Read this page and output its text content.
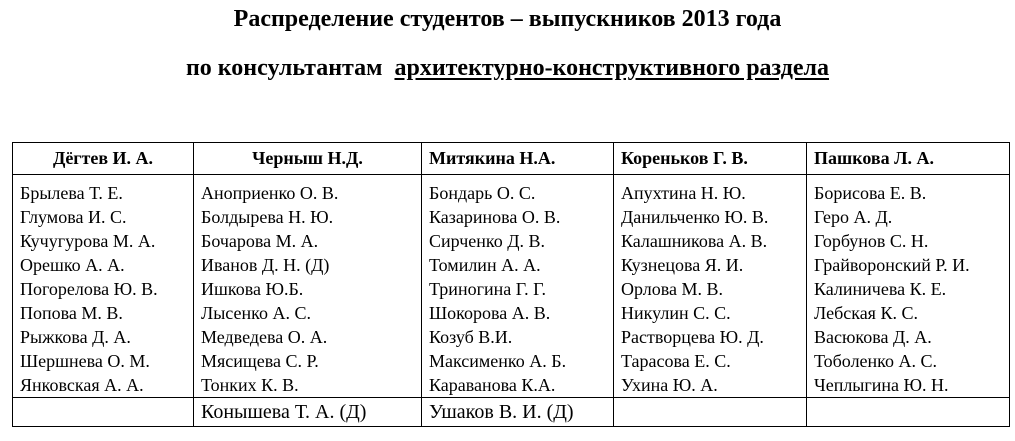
Распределение студентов – выпускников 2013 года
по консультантам архитектурно-конструктивного раздела
Дёгтев И. А.	Черныш Н.Д.	Митякина Н.А.	Кореньков Г. В.	Пашкова Л. А.
Брылева Т. Е.	Аноприенко О. В.	Бондарь О. С.	Апухтина Н. Ю.	Борисова Е. В.
Глумова И. С.	Болдырева Н. Ю.	Казаринова О. В.	Данильченко Ю. В.	Геро А. Д.
Кучугурова М. А.	Бочарова М. А.	Сирченко Д. В.	Калашникова А. В.	Горбунов С. Н.
Орешко А. А.	Иванов Д. Н. (Д)	Томилин А. А.	Кузнецова Я. И.	Грайворонский Р. И.
Погорелова Ю. В.	Ишкова Ю.Б.	Триногина Г. Г.	Орлова М. В.	Калиничева К. Е.
Попова М. В.	Лысенко А. С.	Шокорова А. В.	Никулин С. С.	Лебская К. С.
Рыжкова Д. А.	Медведева О. А.	Козуб В.И.	Растворцева Ю. Д.	Васюкова Д. А.
Шершнева О. М.	Мясищева С. Р.	Максименко А. Б.	Тарасова Е. С.	Тоболенко А. С.
Янковская А. А.	Тонких К. В.	Караванова К.А.	Ухина Ю. А.	Чеплыгина Ю. Н.
	Конышева Т. А. (Д)	Ушаков В. И. (Д)		
